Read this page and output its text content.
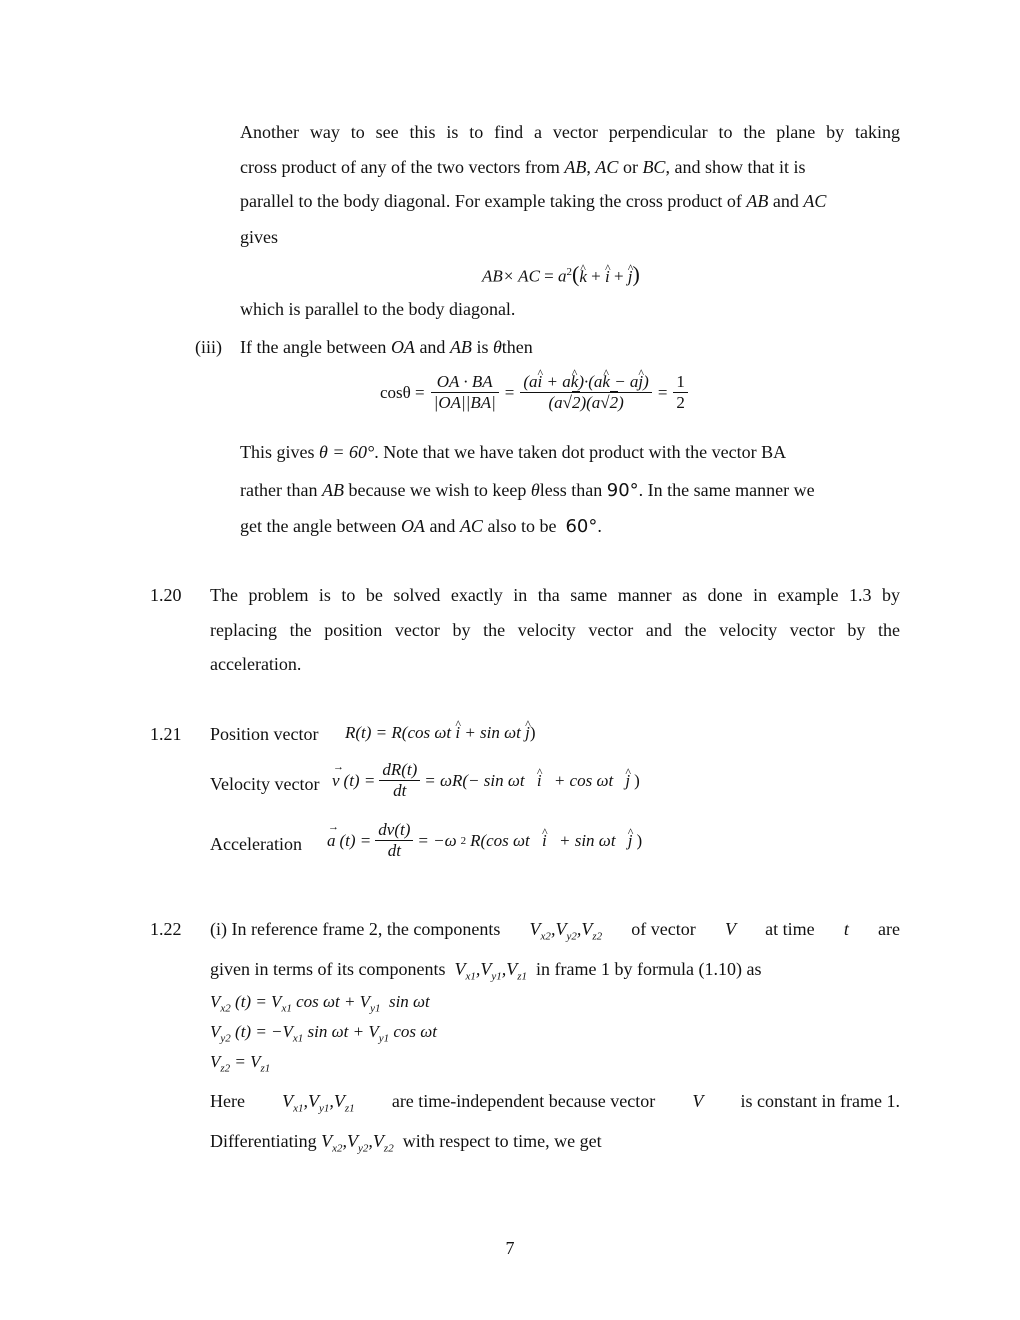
Another way to see this is to find a vector perpendicular to the plane by taking
cross product of any of the two vectors from AB, AC or BC, and show that it is
parallel to the body diagonal. For example taking the cross product of AB and AC
gives
AB× AC = $a^2(\^{}$ k + ^ i + ^ j)
which is parallel to the body diagonal.
(iii) If the angle between OA and AB is θthen
$\cos\theta = \frac{OA \cdot BA}{|OA||BA|} = \frac{(a\^{} i + a\^{} k)\cdot(a\^{} k - a\^{} j)}{(a√2)(a√2)} = \frac{1}{2}$
This gives θ = 60°. Note that we have taken dot product with the vector BA
rather than AB because we wish to keep θless than 90°. In the same manner we
get the angle between OA and AC also to be 60°.
1.20 The problem is to be solved exactly in tha same manner as done in example 1.3 by
replacing the position vector by the velocity vector and the velocity vector by the
acceleration.
1.21 Position vector R(t) = R(cos ωt ^ i + sin ωt ^ j)
Velocity vector → v $(t) = \frac{dR(t)}{dt} = \omega R(- \sin \omega t$
^ i
+ cos ωt
^ j )
Acceleration → a $(t) = \frac{dv(t)}{dt} = -\omega$ 2 R(cos ωt
^ i
+ sin ωt
^ j )
1.22 (i) In reference frame 2, the components $V_{x2},V_{y2},V_{z2}$ of vector V at time t are
given in terms of its components $V_{x1},V_{y1},V_{z1}$ in frame 1 by formula (1.10) as
$V_{x2}$ $(t) = V_{x1}$ $\cos \omega t + V_{y1}$ sin ωt
$V_{y2}$ $(t) = -V_{x1}$ $\sin \omega t + V_{y1}$ cos ωt
$V_{z2} = V_{z1}$
Here $V_{x1},V_{y1},V_{z1}$ are time-independent because vector V is constant in frame 1.
Differentiating $V_{x2},V_{y2},V_{z2}$ with respect to time, we get
7
